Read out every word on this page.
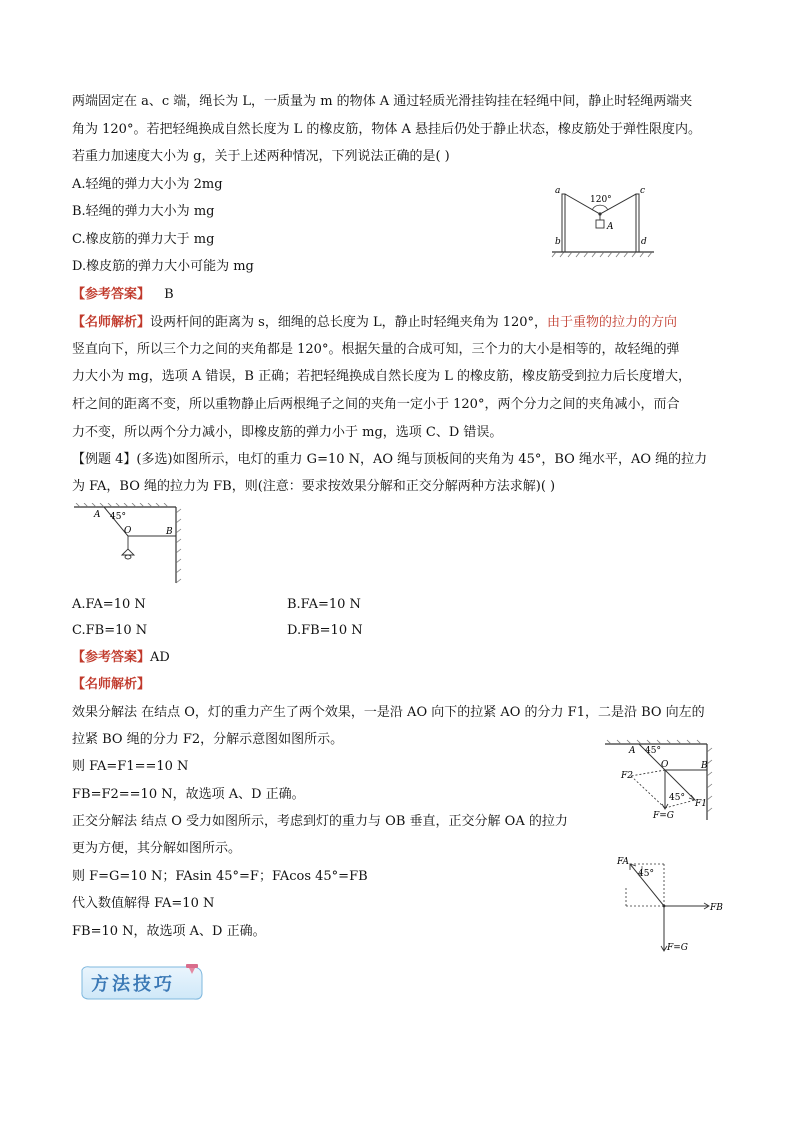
两端固定在 a、c 端，绳长为 L，一质量为 m 的物体 A 通过轻质光滑挂钩挂在轻绳中间，静止时轻绳两端夹
角为 120°。若把轻绳换成自然长度为 L 的橡皮筋，物体 A 悬挂后仍处于静止状态，橡皮筋处于弹性限度内。
若重力加速度大小为 g，关于上述两种情况，下列说法正确的是( )
A.轻绳的弹力大小为 2mg
B.轻绳的弹力大小为 mg
C.橡皮筋的弹力大于 mg
D.橡皮筋的弹力大小可能为 mg
a	c
b	d
A
120°
【参考答案】 B
【名师解析】设两杆间的距离为 s，细绳的总长度为 L，静止时轻绳夹角为 120°，由于重物的拉力的方向
竖直向下，所以三个力之间的夹角都是 120°。根据矢量的合成可知，三个力的大小是相等的，故轻绳的弹
力大小为 mg，选项 A 错误，B 正确；若把轻绳换成自然长度为 L 的橡皮筋，橡皮筋受到拉力后长度增大，
杆之间的距离不变，所以重物静止后两根绳子之间的夹角一定小于 120°，两个分力之间的夹角减小，而合
力不变，所以两个分力减小，即橡皮筋的弹力小于 mg，选项 C、D 错误。
【例题 4】(多选)如图所示，电灯的重力 G=10 N，AO 绳与顶板间的夹角为 45°，BO 绳水平，AO 绳的拉力
为 FA，BO 绳的拉力为 FB，则(注意：要求按效果分解和正交分解两种方法求解)( )
A 45°
O	B
A.FA=10 N	B.FA=10 N
C.FB=10 N	D.FB=10 N
【参考答案】AD
【名师解析】
效果分解法 在结点 O，灯的重力产生了两个效果，一是沿 AO 向下的拉紧 AO 的分力 F1，二是沿 BO 向左的
拉紧 BO 绳的分力 F2，分解示意图如图所示。
则 FA=F1==10 N
FB=F2==10 N，故选项 A、D 正确。
A 45°
O	B
F2
45°
F1
F=G
正交分解法 结点 O 受力如图所示，考虑到灯的重力与 OB 垂直，正交分解 OA 的拉力
更为方便，其分解如图所示。
则 F=G=10 N；FAsin 45°=F；FAcos 45°=FB
代入数值解得 FA=10 N
FB=10 N，故选项 A、D 正确。
FA
45°
FB
F=G
方法技巧
